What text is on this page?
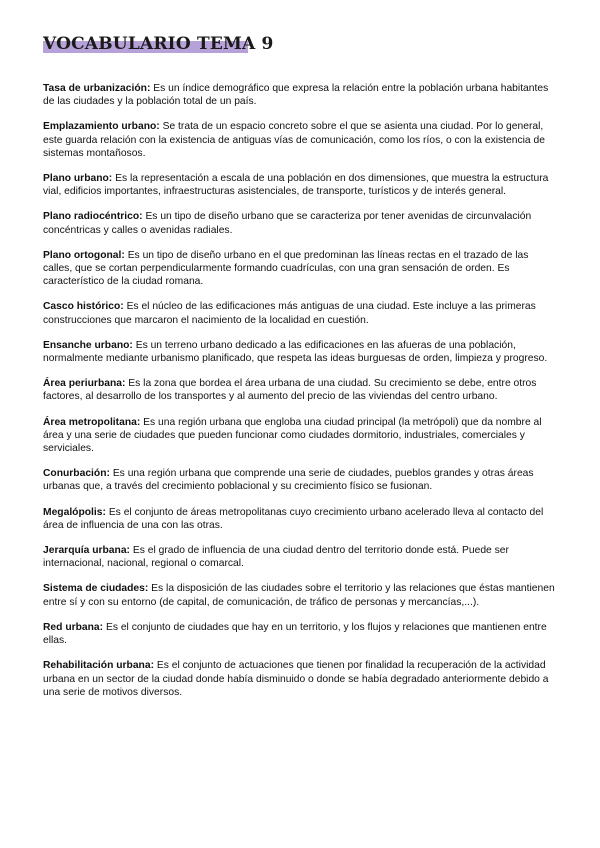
VOCABULARIO TEMA 9

Tasa de urbanización: Es un índice demográfico que expresa la relación entre la población urbana habitantes de las ciudades y la población total de un país.

Emplazamiento urbano: Se trata de un espacio concreto sobre el que se asienta una ciudad. Por lo general, este guarda relación con la existencia de antiguas vías de comunicación, como los ríos, o con la existencia de sistemas montañosos.

Plano urbano: Es la representación a escala de una población en dos dimensiones, que muestra la estructura vial, edificios importantes, infraestructuras asistenciales, de transporte, turísticos y de interés general.

Plano radiocéntrico: Es un tipo de diseño urbano que se caracteriza por tener avenidas de circunvalación concéntricas y calles o avenidas radiales.

Plano ortogonal: Es un tipo de diseño urbano en el que predominan las líneas rectas en el trazado de las calles, que se cortan perpendicularmente formando cuadrículas, con una gran sensación de orden. Es característico de la ciudad romana.

Casco histórico: Es el núcleo de las edificaciones más antiguas de una ciudad. Este incluye a las primeras construcciones que marcaron el nacimiento de la localidad en cuestión.

Ensanche urbano: Es un terreno urbano dedicado a las edificaciones en las afueras de una población, normalmente mediante urbanismo planificado, que respeta las ideas burguesas de orden, limpieza y progreso.

Área periurbana: Es la zona que bordea el área urbana de una ciudad. Su crecimiento se debe, entre otros factores, al desarrollo de los transportes y al aumento del precio de las viviendas del centro urbano.

Área metropolitana: Es una región urbana que engloba una ciudad principal (la metrópoli) que da nombre al área y una serie de ciudades que pueden funcionar como ciudades dormitorio, industriales, comerciales y serviciales.

Conurbación: Es una región urbana que comprende una serie de ciudades, pueblos grandes y otras áreas urbanas que, a través del crecimiento poblacional y su crecimiento físico se fusionan.

Megalópolis: Es el conjunto de áreas metropolitanas cuyo crecimiento urbano acelerado lleva al contacto del área de influencia de una con las otras.

Jerarquía urbana: Es el grado de influencia de una ciudad dentro del territorio donde está. Puede ser internacional, nacional, regional o comarcal.

Sistema de ciudades: Es la disposición de las ciudades sobre el territorio y las relaciones que éstas mantienen entre sí y con su entorno (de capital, de comunicación, de tráfico de personas y mercancías,...).

Red urbana: Es el conjunto de ciudades que hay en un territorio, y los flujos y relaciones que mantienen entre ellas.

Rehabilitación urbana: Es el conjunto de actuaciones que tienen por finalidad la recuperación de la actividad urbana en un sector de la ciudad donde había disminuido o donde se había degradado anteriormente debido a una serie de motivos diversos.
